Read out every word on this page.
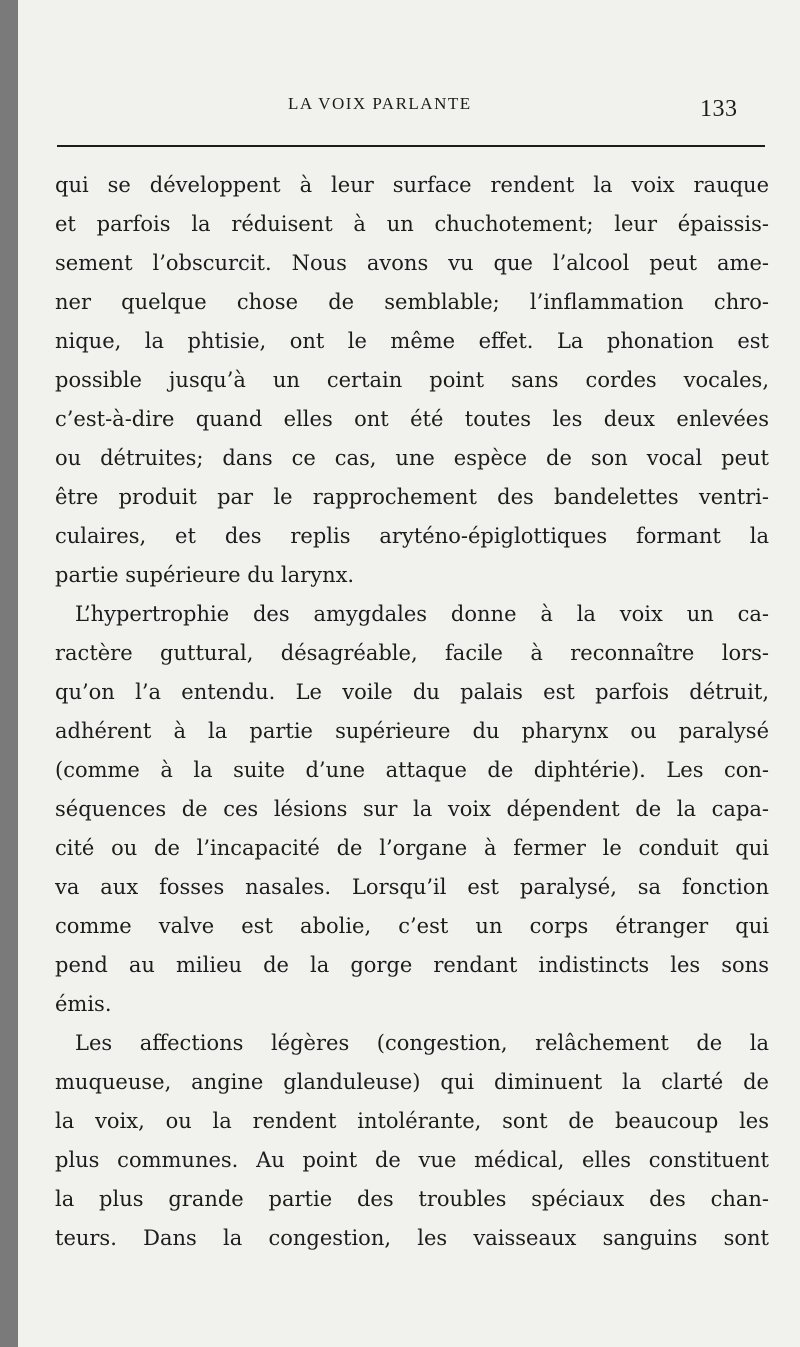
LA VOIX PARLANTE	133
qui se développent à leur surface rendent la voix rauque
et parfois la réduisent à un chuchotement; leur épaissis-
sement l’obscurcit. Nous avons vu que l’alcool peut ame-
ner quelque chose de semblable; l’inflammation chro-
nique, la phtisie, ont le même effet. La phonation est
possible jusqu’à un certain point sans cordes vocales,
c’est-à-dire quand elles ont été toutes les deux enlevées
ou détruites; dans ce cas, une espèce de son vocal peut
être produit par le rapprochement des bandelettes ventri-
culaires, et des replis aryténo-épiglottiques formant la
partie supérieure du larynx.
L’hypertrophie des amygdales donne à la voix un ca-
ractère guttural, désagréable, facile à reconnaître lors-
qu’on l’a entendu. Le voile du palais est parfois détruit,
adhérent à la partie supérieure du pharynx ou paralysé
(comme à la suite d’une attaque de diphtérie). Les con-
séquences de ces lésions sur la voix dépendent de la capa-
cité ou de l’incapacité de l’organe à fermer le conduit qui
va aux fosses nasales. Lorsqu’il est paralysé, sa fonction
comme valve est abolie, c’est un corps étranger qui
pend au milieu de la gorge rendant indistincts les sons
émis.
Les affections légères (congestion, relâchement de la
muqueuse, angine glanduleuse) qui diminuent la clarté de
la voix, ou la rendent intolérante, sont de beaucoup les
plus communes. Au point de vue médical, elles constituent
la plus grande partie des troubles spéciaux des chan-
teurs. Dans la congestion, les vaisseaux sanguins sont
